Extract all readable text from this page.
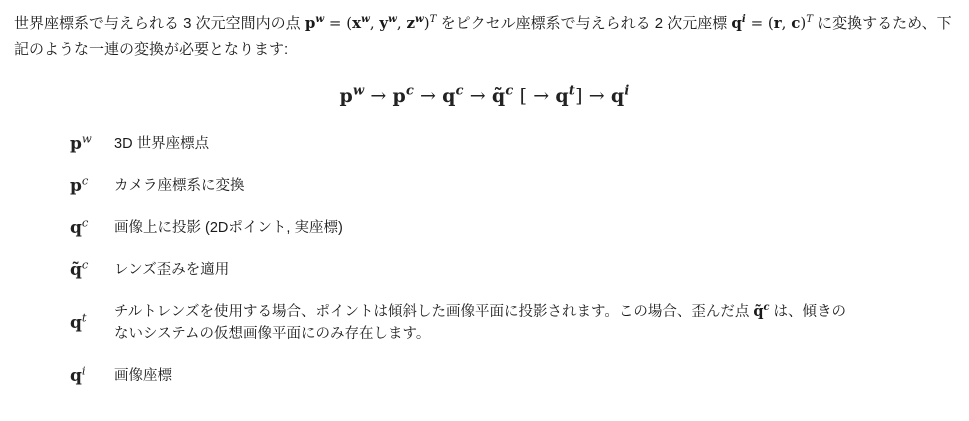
世界座標系で与えられる 3 次元空間内の点 $p^w = (x^w$, $y^w$, $z^w)^T$ をピクセル座標系で与えられる 2 次元座標 $q^i = (r$, c)$^T$ に変換するため、下記のような一連の変換が必要となります:

$p^w \to p^c \to q^c$ → q̃$^c$ [ → $q^t] \to q^i$
$p^w$	3D 世界座標点
$p^c$	カメラ座標系に変換
$q^c$	画像上に投影 (2Dポイント, 実座標)
q̃$^c$	レンズ歪みを適用
$q^t$	チルトレンズを使用する場合、ポイントは傾斜した画像平面に投影されます。この場合、歪んだ点 q̃$^c$ は、傾きのないシステムの仮想画像平面にのみ存在します。
$q^i$	画像座標
